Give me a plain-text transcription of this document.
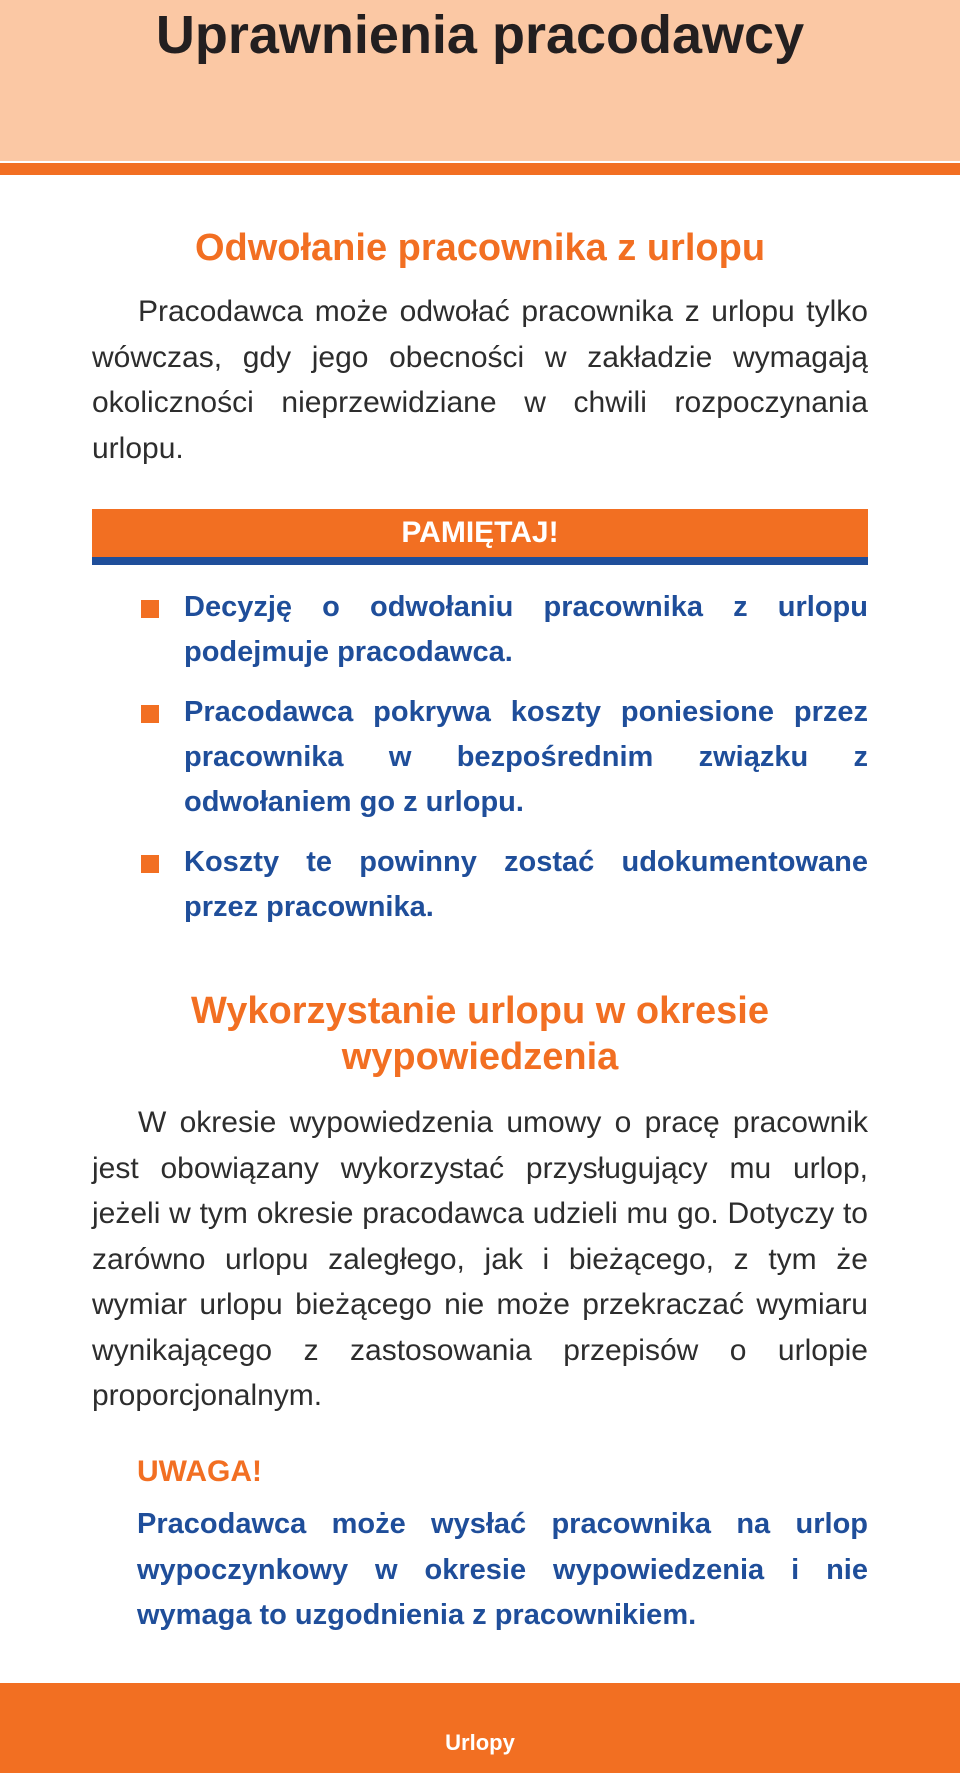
Uprawnienia pracodawcy
Odwołanie pracownika z urlopu

Pracodawca może odwołać pracownika z urlopu tylko wówczas, gdy jego obecności w zakładzie wymagają okoliczności nieprzewidziane w chwili rozpoczynania urlopu.

PAMIĘTAJ!
Decyzję o odwołaniu pracownika z urlopu podejmuje pracodawca.
Pracodawca pokrywa koszty poniesione przez pracownika w bezpośrednim związku z odwołaniem go z urlopu.
Koszty te powinny zostać udokumentowane przez pracownika.
Wykorzystanie urlopu w okresie
wypowiedzenia

W okresie wypowiedzenia umowy o pracę pracownik jest obowiązany wykorzystać przysługujący mu urlop, jeżeli w tym okresie pracodawca udzieli mu go. Dotyczy to zarówno urlopu zaległego, jak i bieżącego, z tym że wymiar urlopu bieżącego nie może przekraczać wymiaru wynikającego z zastosowania przepisów o urlopie proporcjonalnym.

UWAGA!

Pracodawca może wysłać pracownika na urlop wypoczynkowy w okresie wypowiedzenia i nie wymaga to uzgodnienia z pracownikiem.

Urlopy
